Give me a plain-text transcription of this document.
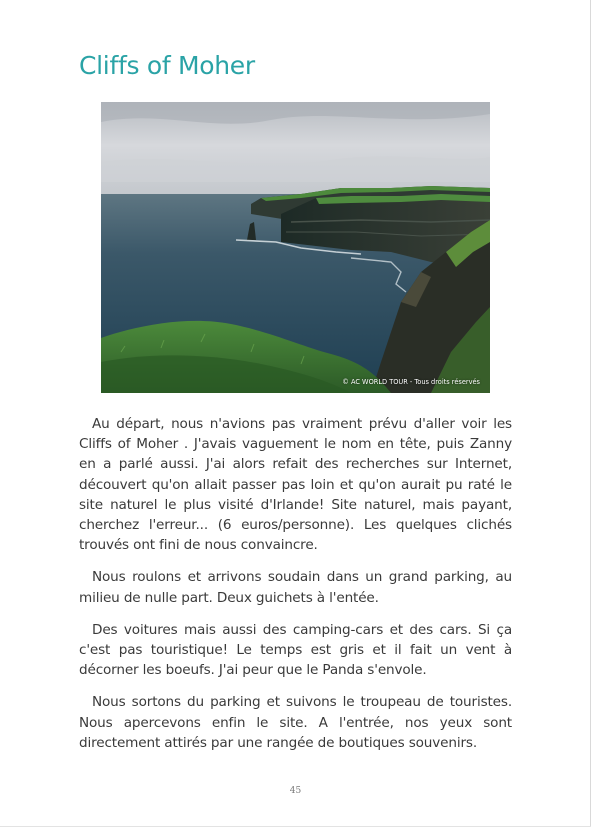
Cliffs of Moher
© AC WORLD TOUR - Tous droits réservés

Au départ, nous n'avions pas vraiment prévu d'aller voir les Cliffs of Moher . J'avais vaguement le nom en tête, puis Zanny en a parlé aussi. J'ai alors refait des recherches sur Internet, découvert qu'on allait passer pas loin et qu'on aurait pu raté le site naturel le plus visité d'Irlande! Site naturel, mais payant, cherchez l'erreur... (6 euros/personne). Les quelques clichés trouvés ont fini de nous convaincre.

Nous roulons et arrivons soudain dans un grand parking, au milieu de nulle part. Deux guichets à l'entée.

Des voitures mais aussi des camping-cars et des cars. Si ça c'est pas touristique! Le temps est gris et il fait un vent à décorner les boeufs. J'ai peur que le Panda s'envole.

Nous sortons du parking et suivons le troupeau de touristes. Nous apercevons enfin le site. A l'entrée, nos yeux sont directement attirés par une rangée de boutiques souvenirs.

45
